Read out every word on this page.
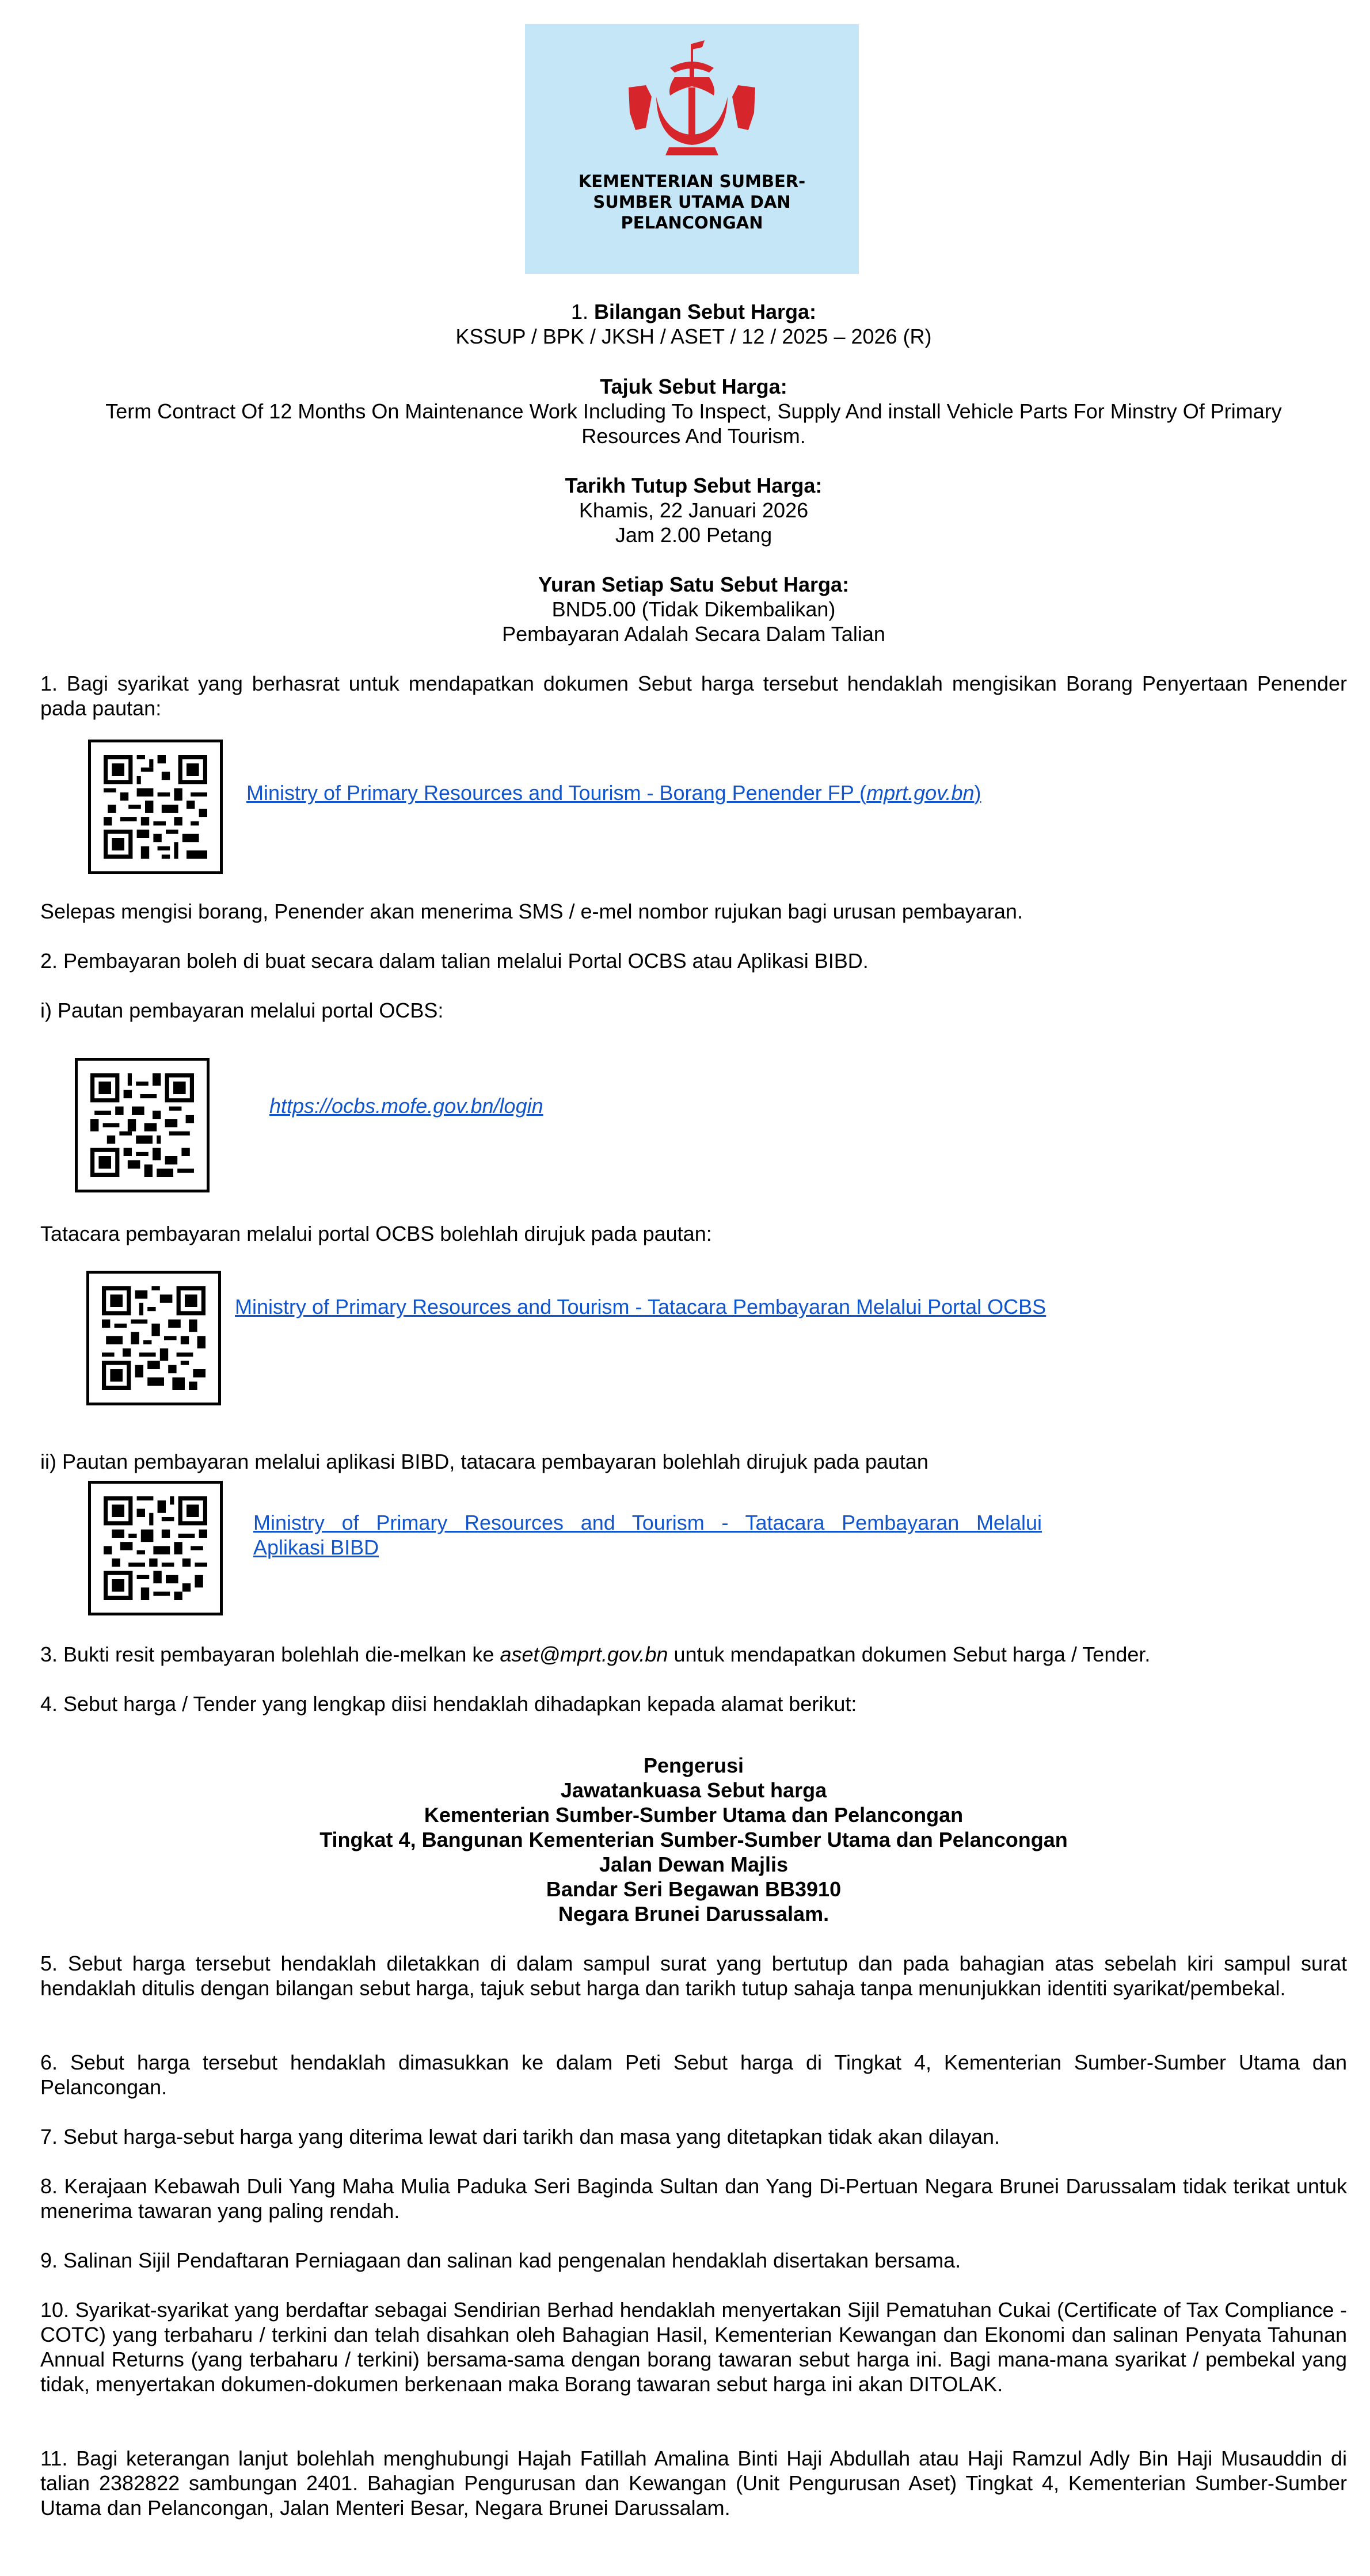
KEMENTERIAN SUMBER-
SUMBER UTAMA DAN
PELANCONGAN
1. Bilangan Sebut Harga:
KSSUP / BPK / JKSH / ASET / 12 / 2025 – 2026 (R)
Tajuk Sebut Harga:
Term Contract Of 12 Months On Maintenance Work Including To Inspect, Supply And install Vehicle Parts For Minstry Of Primary
Resources And Tourism.
Tarikh Tutup Sebut Harga:
Khamis, 22 Januari 2026
Jam 2.00 Petang
Yuran Setiap Satu Sebut Harga:
BND5.00 (Tidak Dikembalikan)
Pembayaran Adalah Secara Dalam Talian
1. Bagi syarikat yang berhasrat untuk mendapatkan dokumen Sebut harga tersebut hendaklah mengisikan Borang Penyertaan Penender pada pautan:
Ministry of Primary Resources and Tourism - Borang Penender FP (mprt.gov.bn)
Selepas mengisi borang, Penender akan menerima SMS / e-mel nombor rujukan bagi urusan pembayaran.
2. Pembayaran boleh di buat secara dalam talian melalui Portal OCBS atau Aplikasi BIBD.
i) Pautan pembayaran melalui portal OCBS:
https://ocbs.mofe.gov.bn/login
Tatacara pembayaran melalui portal OCBS bolehlah dirujuk pada pautan:
Ministry of Primary Resources and Tourism - Tatacara Pembayaran Melalui Portal OCBS
ii) Pautan pembayaran melalui aplikasi BIBD, tatacara pembayaran bolehlah dirujuk pada pautan
Ministry of Primary Resources and Tourism - Tatacara Pembayaran Melalui
Aplikasi BIBD
3. Bukti resit pembayaran bolehlah die-melkan ke aset@mprt.gov.bn untuk mendapatkan dokumen Sebut harga / Tender.
4. Sebut harga / Tender yang lengkap diisi hendaklah dihadapkan kepada alamat berikut:
Pengerusi
Jawatankuasa Sebut harga
Kementerian Sumber-Sumber Utama dan Pelancongan
Tingkat 4, Bangunan Kementerian Sumber-Sumber Utama dan Pelancongan
Jalan Dewan Majlis
Bandar Seri Begawan BB3910
Negara Brunei Darussalam.
5. Sebut harga tersebut hendaklah diletakkan di dalam sampul surat yang bertutup dan pada bahagian atas sebelah kiri sampul surat hendaklah ditulis dengan bilangan sebut harga, tajuk sebut harga dan tarikh tutup sahaja tanpa menunjukkan identiti syarikat/pembekal.
6. Sebut harga tersebut hendaklah dimasukkan ke dalam Peti Sebut harga di Tingkat 4, Kementerian Sumber-Sumber Utama dan Pelancongan.
7. Sebut harga-sebut harga yang diterima lewat dari tarikh dan masa yang ditetapkan tidak akan dilayan.
8. Kerajaan Kebawah Duli Yang Maha Mulia Paduka Seri Baginda Sultan dan Yang Di-Pertuan Negara Brunei Darussalam tidak terikat untuk menerima tawaran yang paling rendah.
9. Salinan Sijil Pendaftaran Perniagaan dan salinan kad pengenalan hendaklah disertakan bersama.
10. Syarikat-syarikat yang berdaftar sebagai Sendirian Berhad hendaklah menyertakan Sijil Pematuhan Cukai (Certificate of Tax Compliance - COTC) yang terbaharu / terkini dan telah disahkan oleh Bahagian Hasil, Kementerian Kewangan dan Ekonomi dan salinan Penyata Tahunan Annual Returns (yang terbaharu / terkini) bersama-sama dengan borang tawaran sebut harga ini. Bagi mana-mana syarikat / pembekal yang tidak, menyertakan dokumen-dokumen berkenaan maka Borang tawaran sebut harga ini akan DITOLAK.
11. Bagi keterangan lanjut bolehlah menghubungi Hajah Fatillah Amalina Binti Haji Abdullah atau Haji Ramzul Adly Bin Haji Musauddin di talian 2382822 sambungan 2401. Bahagian Pengurusan dan Kewangan (Unit Pengurusan Aset) Tingkat 4, Kementerian Sumber-Sumber Utama dan Pelancongan, Jalan Menteri Besar, Negara Brunei Darussalam.
